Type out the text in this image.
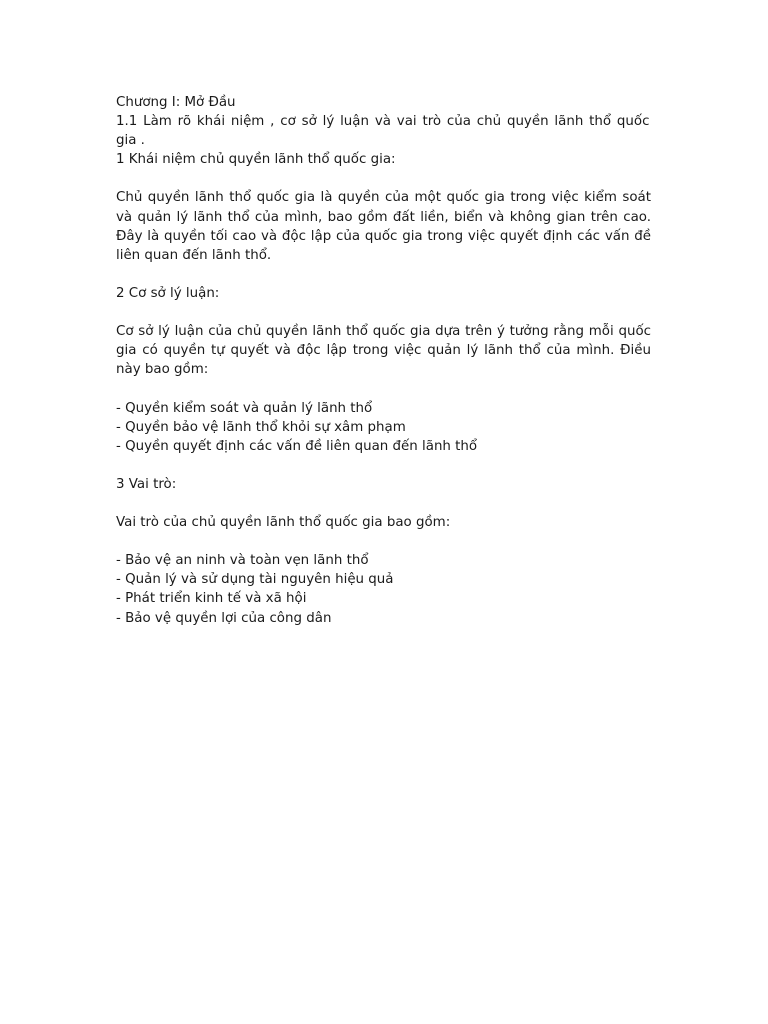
Chương I: Mở Đầu
1.1 Làm rõ khái niệm , cơ sở lý luận và vai trò của chủ quyền lãnh thổ quốc
gia .
1 Khái niệm chủ quyền lãnh thổ quốc gia:
Chủ quyền lãnh thổ quốc gia là quyền của một quốc gia trong việc kiểm soát và quản lý lãnh thổ của mình, bao gồm đất liền, biển và không gian trên cao. Đây là quyền tối cao và độc lập của quốc gia trong việc quyết định các vấn đề
liên quan đến lãnh thổ.
2 Cơ sở lý luận:
Cơ sở lý luận của chủ quyền lãnh thổ quốc gia dựa trên ý tưởng rằng mỗi quốc gia có quyền tự quyết và độc lập trong việc quản lý lãnh thổ của mình. Điều
này bao gồm:
- Quyền kiểm soát và quản lý lãnh thổ
- Quyền bảo vệ lãnh thổ khỏi sự xâm phạm
- Quyền quyết định các vấn đề liên quan đến lãnh thổ
3 Vai trò:
Vai trò của chủ quyền lãnh thổ quốc gia bao gồm:
- Bảo vệ an ninh và toàn vẹn lãnh thổ
- Quản lý và sử dụng tài nguyên hiệu quả
- Phát triển kinh tế và xã hội
- Bảo vệ quyền lợi của công dân
